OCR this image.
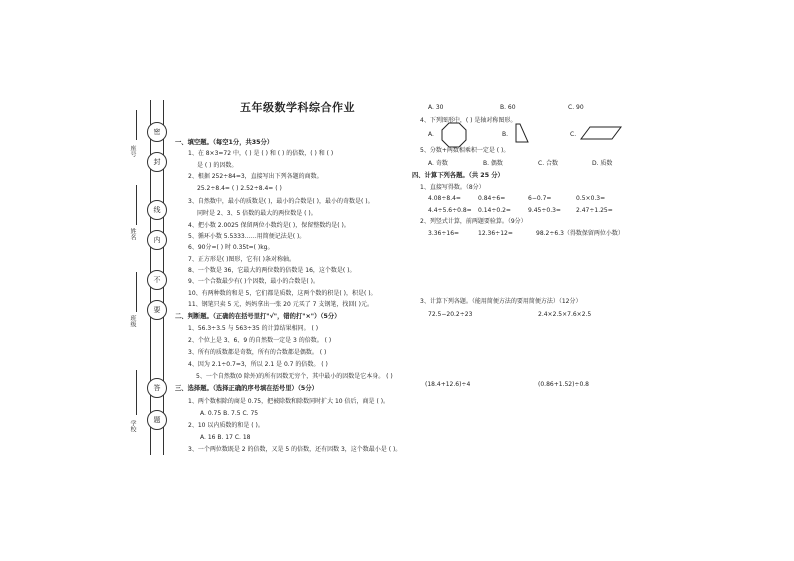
密
封
线
内
不
要
答
题
座号
姓名
班级
学校
五年级数学科综合作业
一、填空题。（每空1分，共35分）
1、在 8×3=72 中，( ) 是 ( ) 和 ( ) 的倍数，( ) 和 ( )
是 ( ) 的因数。
2、根据 252÷84=3，直接写出下列各题的商数。
25.2÷8.4= ( ) 2.52÷8.4= ( )
3、自然数中，最小的质数是( )，最小的合数是( )，最小的奇数是( )。
同时是 2、3、5 倍数的最大的两位数是 ( )。
4、把小数 2.0025 保留两位小数约是( )，保留整数约是( )。
5、循环小数 5.5333……用简便记法是( )。
6、90分=( ) 时 0.35t=( )kg。
7、正方形是( )图形，它有( )条对称轴。
8、一个数是 36，它最大的两位数的倍数是 16，这个数是( )。
9、一个合数最少有( )个因数，最小的合数是( )。
10、有两种数的和是 5，它们都是质数，这两个数的积是( )，积是( )。
11、钢笔只卖 5 元，妈妈拿出一张 20 元买了 7 支钢笔，找回( )元。
二、判断题。（正确的在括号里打"√"，错的打"×"）（5分）
1、56.3÷3.5 与 563÷35 的计算结果相同。 ( )
2、个位上是 3、6、9 的自然数一定是 3 的倍数。 ( )
3、所有的质数都是奇数，所有的合数都是偶数。 ( )
4、因为 2.1÷0.7=3，所以 2.1 是 0.7 的倍数。 ( )
5、一个自然数(0 除外)的所有因数无穷个，其中最小的因数是它本身。 ( )
三、选择题。（选择正确的序号填在括号里）（5分）
1、两个数相除的商是 0.75，把被除数和除数同时扩大 10 倍后，商是 ( )。
A. 0.75 B. 7.5 C. 75
2、10 以内质数的和是 ( )。
A. 16 B. 17 C. 18
3、一个两位数既是 2 的倍数，又是 5 的倍数，还有因数 3，这个数最小是 ( )。
A. 30	B. 60	C. 90
4、下列图形中，( ) 是轴对称图形。
A.	B.	C.
5、分数+两数相乘积一定是 ( )。
A. 奇数	B. 偶数	C. 合数	D. 质数
四、计算下列各题。（共 25 分）
1、直接写得数。（8分）
4.08÷8.4=	0.84÷6=	6−0.7=	0.5×0.3=
4.4÷5.6÷0.8= 0.14÷0.2=	9.45÷0.3=	2.47÷1.25=
2、列竖式计算，前两题要验算。（9分）
3.36÷16=	12.36÷12=	98.2÷6.3（得数保留两位小数）
3、计算下列各题。（能用简便方法的要用简便方法）（12分）
72.5−20.2÷23	2.4×2.5×7.6×2.5
(18.4+12.6)÷4	(0.86+1.52)÷0.8
